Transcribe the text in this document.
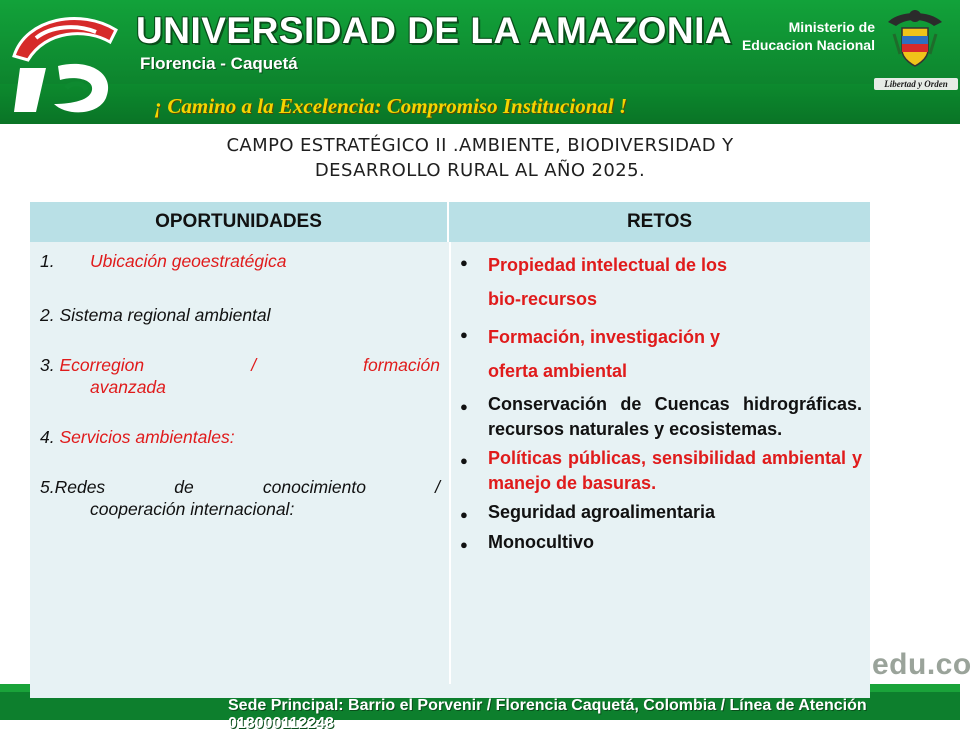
UNIVERSIDAD DE LA AMAZONIA
Florencia - Caquetá
¡ Camino a la Excelencia: Compromiso Institucional !
Ministerio de
Educacion Nacional
Libertad y Orden
CAMPO ESTRATÉGICO II .AMBIENTE, BIODIVERSIDAD Y
DESARROLLO RURAL AL AÑO 2025.
OPORTUNIDADES	RETOS
1. Ubicación geoestratégica
2. Sistema regional ambiental
3. Ecorregion	/	formación
avanzada
4. Servicios ambientales:
5.Redes	de	conocimiento	/
cooperación internacional:
●	Propiedad intelectual de los
bio-recursos
●	Formación, investigación y
oferta ambiental
●	Conservación de Cuencas hidrográficas. recursos naturales y ecosistemas.
●	Políticas públicas, sensibilidad ambiental y manejo de basuras.
●	Seguridad agroalimentaria
●	Monocultivo
edu.co
Sede Principal: Barrio el Porvenir / Florencia Caquetá, Colombia / Línea de Atención 018000112248
